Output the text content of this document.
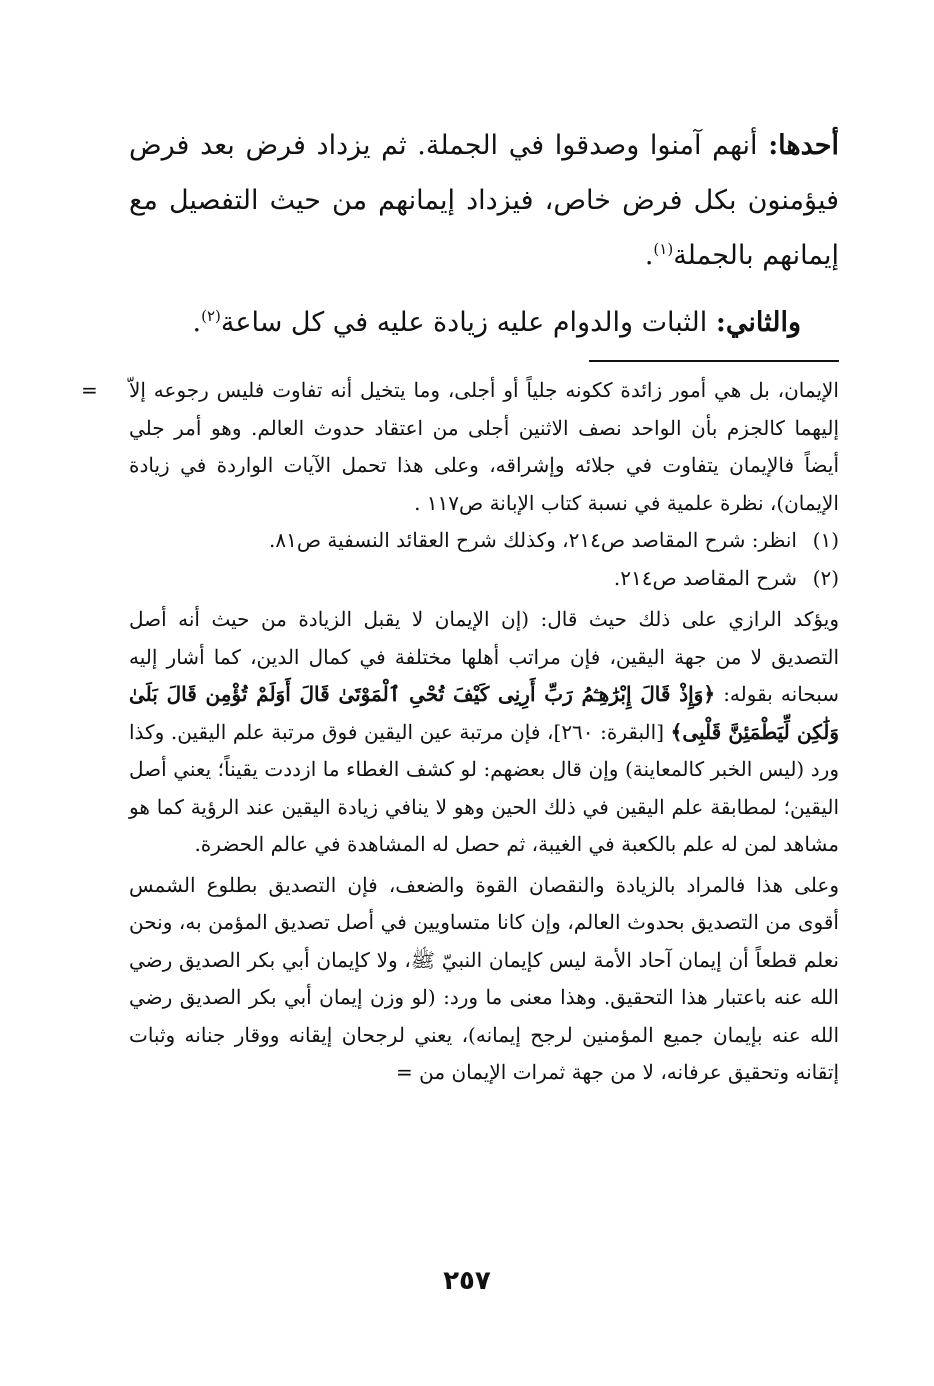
أحدها: أنهم آمنوا وصدقوا في الجملة. ثم يزداد فرض بعد فرض فيؤمنون بكل فرض خاص، فيزداد إيمانهم من حيث التفصيل مع إيمانهم بالجملة$^{(١)}$.

والثاني: الثبات والدوام عليه زيادة عليه في كل ساعة$^{(٢)}$.

= الإيمان، بل هي أمور زائدة ككونه جلياً أو أجلى، وما يتخيل أنه تفاوت فليس رجوعه إلاّ إليهما كالجزم بأن الواحد نصف الاثنين أجلى من اعتقاد حدوث العالم. وهو أمر جلي أيضاً فالإيمان يتفاوت في جلائه وإشراقه، وعلى هذا تحمل الآيات الواردة في زيادة الإيمان)، نظرة علمية في نسبة كتاب الإبانة ص١١٧ .

(١)انظر: شرح المقاصد ص٢١٤، وكذلك شرح العقائد النسفية ص٨١.

(٢)شرح المقاصد ص٢١٤.

ويؤكد الرازي على ذلك حيث قال: (إن الإيمان لا يقبل الزيادة من حيث أنه أصل التصديق لا من جهة اليقين، فإن مراتب أهلها مختلفة في كمال الدين، كما أشار إليه سبحانه بقوله: ﴿وَإِذْ قَالَ إِبْرَٰهِـۧمُ رَبِّ أَرِنِى كَيْفَ تُحْىِ ٱلْمَوْتَىٰ قَالَ أَوَلَمْ تُؤْمِن قَالَ بَلَىٰ وَلَٰكِن لِّيَطْمَئِنَّ قَلْبِى﴾ [البقرة: ٢٦٠]، فإن مرتبة عين اليقين فوق مرتبة علم اليقين. وكذا ورد (ليس الخبر كالمعاينة) وإن قال بعضهم: لو كشف الغطاء ما ازددت يقيناً؛ يعني أصل اليقين؛ لمطابقة علم اليقين في ذلك الحين وهو لا ينافي زيادة اليقين عند الرؤية كما هو مشاهد لمن له علم بالكعبة في الغيبة، ثم حصل له المشاهدة في عالم الحضرة.

وعلى هذا فالمراد بالزيادة والنقصان القوة والضعف، فإن التصديق بطلوع الشمس أقوى من التصديق بحدوث العالم، وإن كانا متساويين في أصل تصديق المؤمن به، ونحن نعلم قطعاً أن إيمان آحاد الأمة ليس كإيمان النبيّ ﷺ، ولا كإيمان أبي بكر الصديق رضي الله عنه باعتبار هذا التحقيق. وهذا معنى ما ورد: (لو وزن إيمان أبي بكر الصديق رضي الله عنه بإيمان جميع المؤمنين لرجح إيمانه)، يعني لرجحان إيقانه ووقار جنانه وثبات إتقانه وتحقيق عرفانه، لا من جهة ثمرات الإيمان من =

٢٥٧
